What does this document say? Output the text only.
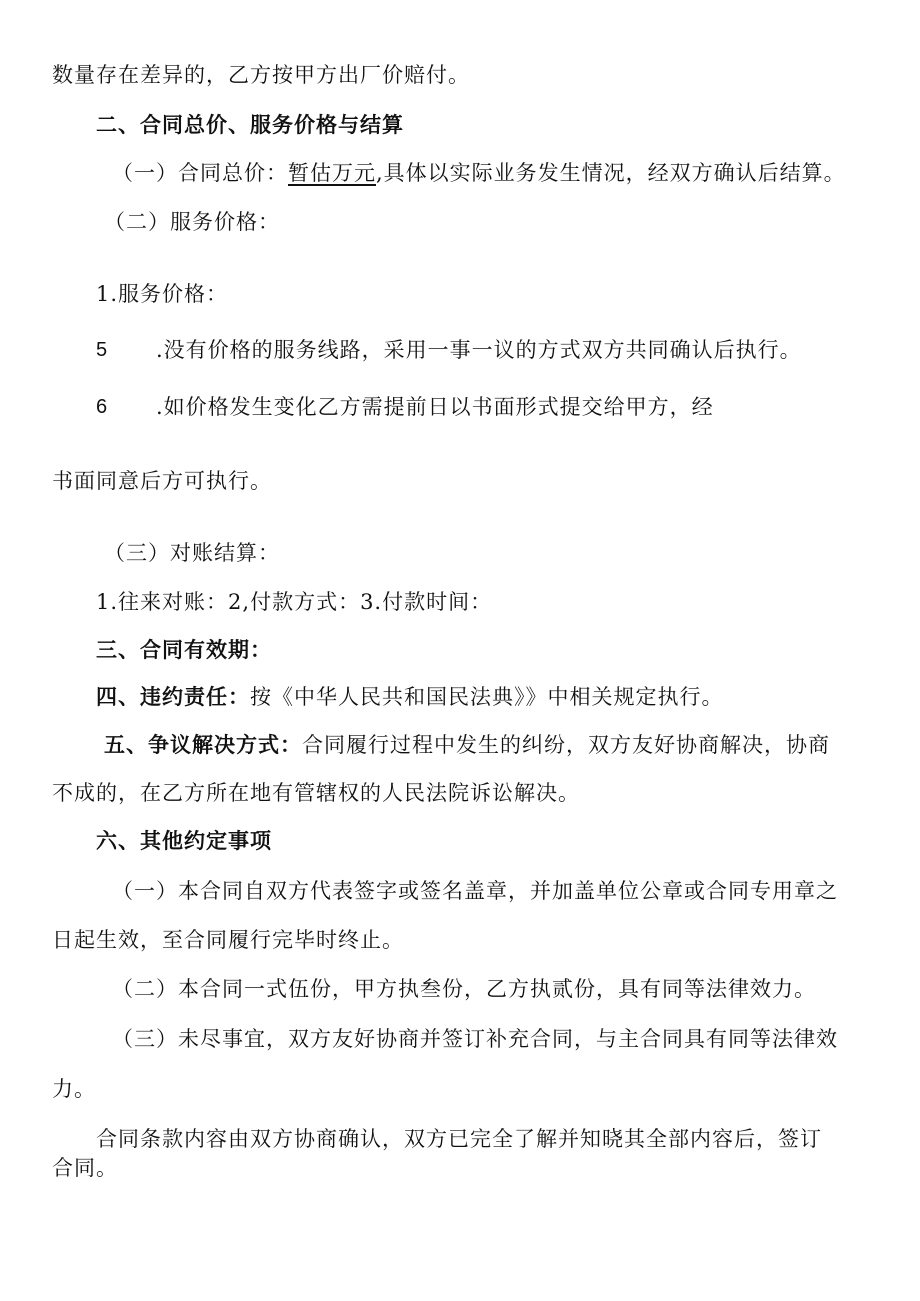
数量存在差异的，乙方按甲方出厂价赔付。
二、合同总价、服务价格与结算
（一）合同总价：暂估万元,具体以实际业务发生情况，经双方确认后结算。
（二）服务价格：
1.服务价格：
5 .没有价格的服务线路，采用一事一议的方式双方共同确认后执行。
6 .如价格发生变化乙方需提前日以书面形式提交给甲方，经
书面同意后方可执行。
（三）对账结算：
1.往来对账：2,付款方式：3.付款时间：
三、合同有效期：
四、违约责任：按《中华人民共和国民法典》》中相关规定执行。
五、争议解决方式：合同履行过程中发生的纠纷，双方友好协商解决，协商
不成的，在乙方所在地有管辖权的人民法院诉讼解决。
六、其他约定事项
（一）本合同自双方代表签字或签名盖章，并加盖单位公章或合同专用章之
日起生效，至合同履行完毕时终止。
（二）本合同一式伍份，甲方执叁份，乙方执贰份，具有同等法律效力。
（三）未尽事宜，双方友好协商并签订补充合同，与主合同具有同等法律效
力。
合同条款内容由双方协商确认，双方已完全了解并知晓其全部内容后，签订
合同。
